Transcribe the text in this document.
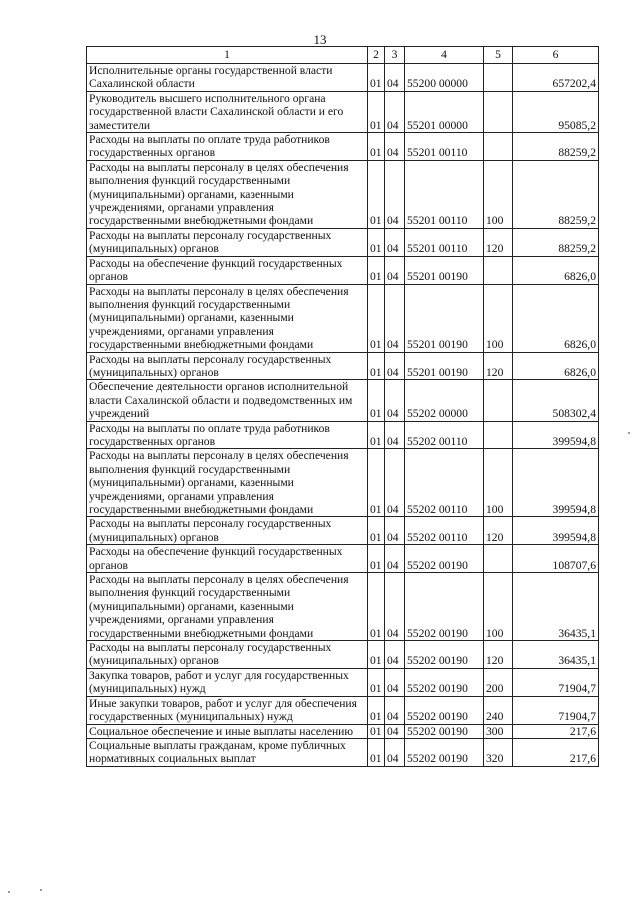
13
1	2	3	4	5	6
Исполнительные органы государственной власти Сахалинской области	01	04	55200 00000		657202,4
Руководитель высшего исполнительного органа государственной власти Сахалинской области и его заместители	01	04	55201 00000		95085,2
Расходы на выплаты по оплате труда работников государственных органов	01	04	55201 00110		88259,2
Расходы на выплаты персоналу в целях обеспечения выполнения функций государственными (муниципальными) органами, казенными учреждениями, органами управления государственными внебюджетными фондами	01	04	55201 00110	100	88259,2
Расходы на выплаты персоналу государственных (муниципальных) органов	01	04	55201 00110	120	88259,2
Расходы на обеспечение функций государственных органов	01	04	55201 00190		6826,0
Расходы на выплаты персоналу в целях обеспечения выполнения функций государственными (муниципальными) органами, казенными учреждениями, органами управления государственными внебюджетными фондами	01	04	55201 00190	100	6826,0
Расходы на выплаты персоналу государственных (муниципальных) органов	01	04	55201 00190	120	6826,0
Обеспечение деятельности органов исполнительной власти Сахалинской области и подведомственных им учреждений	01	04	55202 00000		508302,4
Расходы на выплаты по оплате труда работников государственных органов	01	04	55202 00110		399594,8
Расходы на выплаты персоналу в целях обеспечения выполнения функций государственными (муниципальными) органами, казенными учреждениями, органами управления государственными внебюджетными фондами	01	04	55202 00110	100	399594,8
Расходы на выплаты персоналу государственных (муниципальных) органов	01	04	55202 00110	120	399594,8
Расходы на обеспечение функций государственных органов	01	04	55202 00190		108707,6
Расходы на выплаты персоналу в целях обеспечения выполнения функций государственными (муниципальными) органами, казенными учреждениями, органами управления государственными внебюджетными фондами	01	04	55202 00190	100	36435,1
Расходы на выплаты персоналу государственных (муниципальных) органов	01	04	55202 00190	120	36435,1
Закупка товаров, работ и услуг для государственных (муниципальных) нужд	01	04	55202 00190	200	71904,7
Иные закупки товаров, работ и услуг для обеспечения государственных (муниципальных) нужд	01	04	55202 00190	240	71904,7
Социальное обеспечение и иные выплаты населению	01	04	55202 00190	300	217,6
Социальные выплаты гражданам, кроме публичных нормативных социальных выплат	01	04	55202 00190	320	217,6
